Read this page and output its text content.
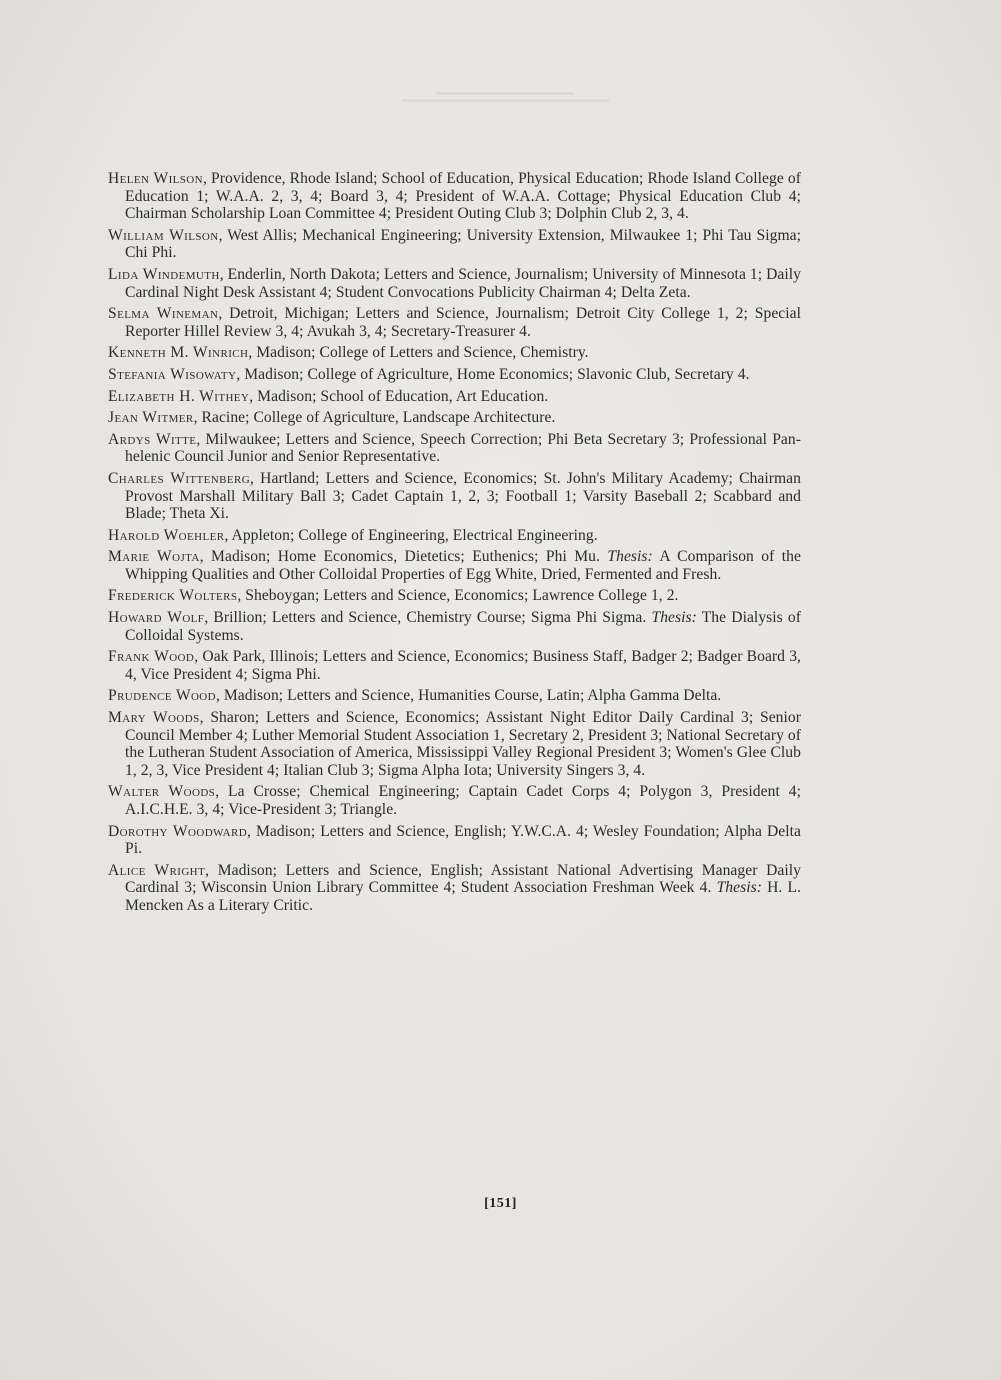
Helen Wilson, Providence, Rhode Island; School of Education, Physical Education; Rhode Island College of Education 1; W.A.A. 2, 3, 4; Board 3, 4; President of W.A.A. Cottage; Physical Education Club 4; Chairman Scholarship Loan Committee 4; President Outing Club 3; Dolphin Club 2, 3, 4.

William Wilson, West Allis; Mechanical Engineering; University Extension, Milwaukee 1; Phi Tau Sigma; Chi Phi.

Lida Windemuth, Enderlin, North Dakota; Letters and Science, Journalism; University of Minnesota 1; Daily Cardinal Night Desk Assistant 4; Student Convocations Publicity Chairman 4; Delta Zeta.

Selma Wineman, Detroit, Michigan; Letters and Science, Journalism; Detroit City College 1, 2; Special Reporter Hillel Review 3, 4; Avukah 3, 4; Secretary-Treasurer 4.

Kenneth M. Winrich, Madison; College of Letters and Science, Chemistry.

Stefania Wisowaty, Madison; College of Agriculture, Home Economics; Slavonic Club, Secretary 4.

Elizabeth H. Withey, Madison; School of Education, Art Education.

Jean Witmer, Racine; College of Agriculture, Landscape Architecture.

Ardys Witte, Milwaukee; Letters and Science, Speech Correction; Phi Beta Secretary 3; Professional Pan-helenic Council Junior and Senior Representative.

Charles Wittenberg, Hartland; Letters and Science, Economics; St. John's Military Academy; Chairman Provost Marshall Military Ball 3; Cadet Captain 1, 2, 3; Football 1; Varsity Baseball 2; Scabbard and Blade; Theta Xi.

Harold Woehler, Appleton; College of Engineering, Electrical Engineering.

Marie Wojta, Madison; Home Economics, Dietetics; Euthenics; Phi Mu. Thesis: A Comparison of the Whipping Qualities and Other Colloidal Properties of Egg White, Dried, Fermented and Fresh.

Frederick Wolters, Sheboygan; Letters and Science, Economics; Lawrence College 1, 2.

Howard Wolf, Brillion; Letters and Science, Chemistry Course; Sigma Phi Sigma. Thesis: The Dialysis of Colloidal Systems.

Frank Wood, Oak Park, Illinois; Letters and Science, Economics; Business Staff, Badger 2; Badger Board 3, 4, Vice President 4; Sigma Phi.

Prudence Wood, Madison; Letters and Science, Humanities Course, Latin; Alpha Gamma Delta.

Mary Woods, Sharon; Letters and Science, Economics; Assistant Night Editor Daily Cardinal 3; Senior Council Member 4; Luther Memorial Student Association 1, Secretary 2, President 3; National Secretary of the Lutheran Student Association of America, Mississippi Valley Regional President 3; Women's Glee Club 1, 2, 3, Vice President 4; Italian Club 3; Sigma Alpha Iota; University Singers 3, 4.

Walter Woods, La Crosse; Chemical Engineering; Captain Cadet Corps 4; Polygon 3, President 4; A.I.C.H.E. 3, 4; Vice-President 3; Triangle.

Dorothy Woodward, Madison; Letters and Science, English; Y.W.C.A. 4; Wesley Foundation; Alpha Delta Pi.

Alice Wright, Madison; Letters and Science, English; Assistant National Advertising Manager Daily Cardinal 3; Wisconsin Union Library Committee 4; Student Association Freshman Week 4. Thesis: H. L. Mencken As a Literary Critic.

[151]
